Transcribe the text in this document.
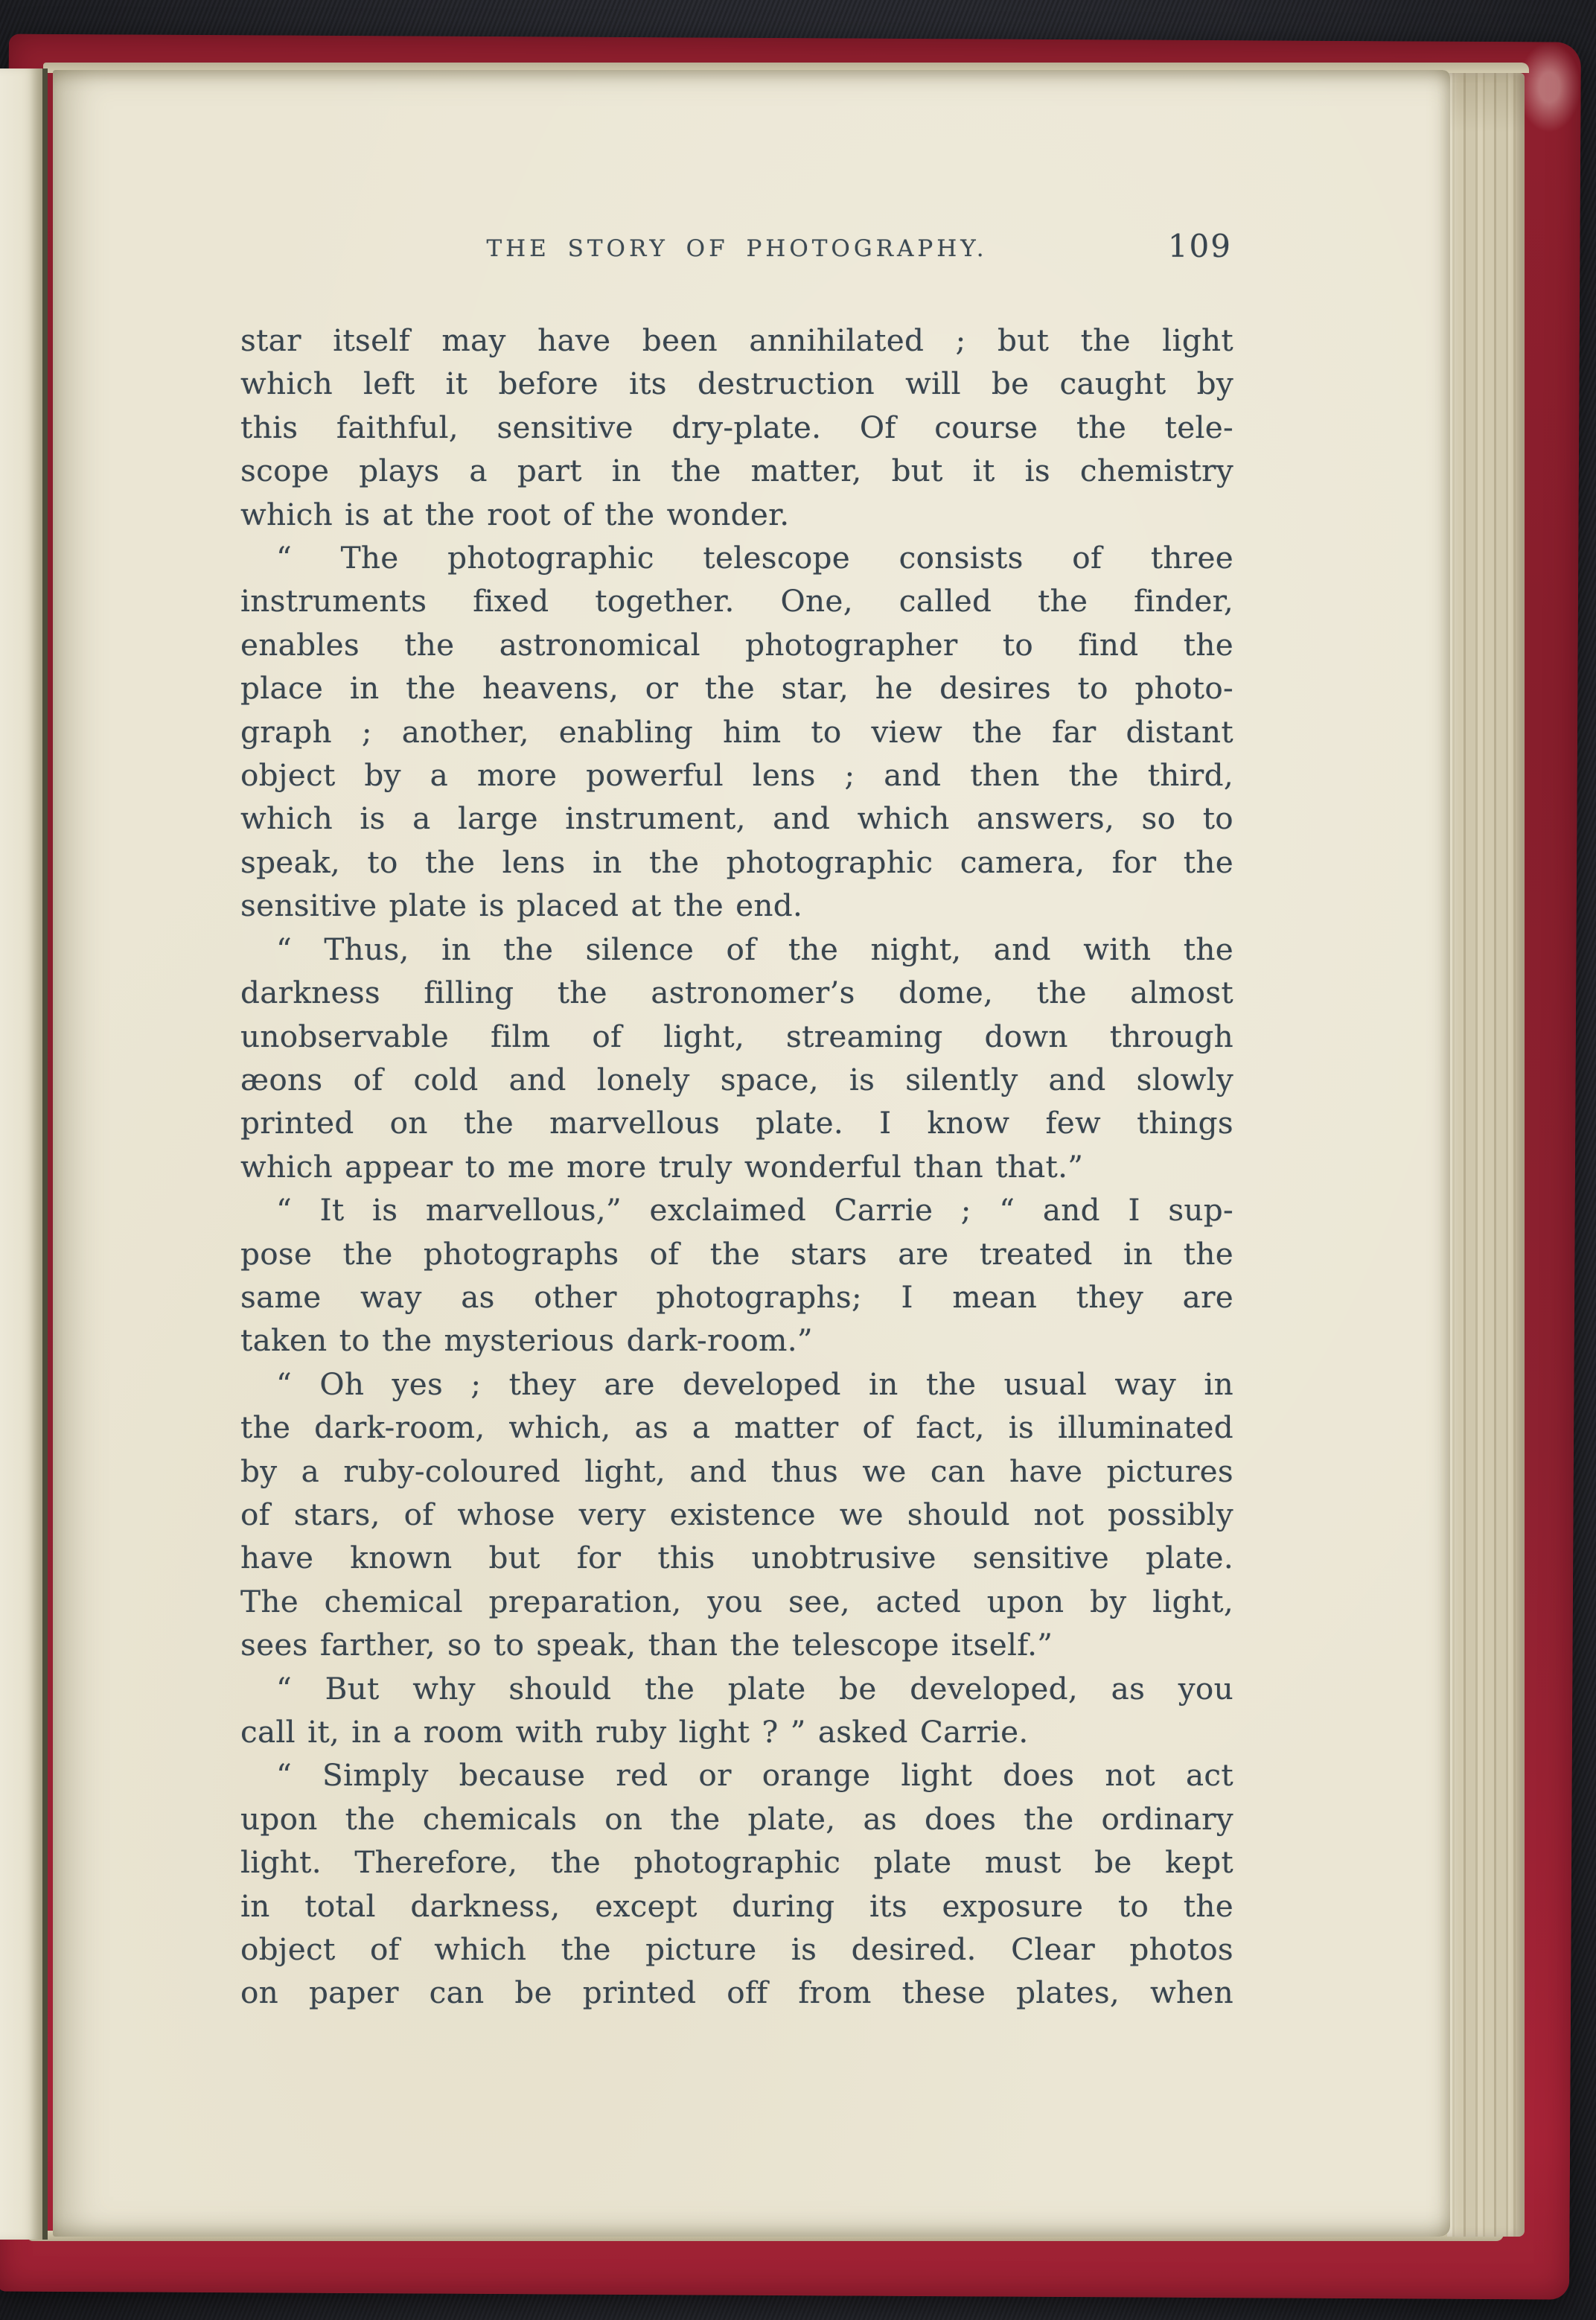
THE STORY OF PHOTOGRAPHY.	109
star itself may have been annihilated ; but the light
which left it before its destruction will be caught by
this faithful, sensitive dry-plate. Of course the tele-
scope plays a part in the matter, but it is chemistry
which is at the root of the wonder.
“ The photographic telescope consists of three
instruments fixed together. One, called the finder,
enables the astronomical photographer to find the
place in the heavens, or the star, he desires to photo-
graph ; another, enabling him to view the far distant
object by a more powerful lens ; and then the third,
which is a large instrument, and which answers, so to
speak, to the lens in the photographic camera, for the
sensitive plate is placed at the end.
“ Thus, in the silence of the night, and with the
darkness filling the astronomer’s dome, the almost
unobservable film of light, streaming down through
æons of cold and lonely space, is silently and slowly
printed on the marvellous plate. I know few things
which appear to me more truly wonderful than that.”
“ It is marvellous,” exclaimed Carrie ; “ and I sup-
pose the photographs of the stars are treated in the
same way as other photographs; I mean they are
taken to the mysterious dark-room.”
“ Oh yes ; they are developed in the usual way in
the dark-room, which, as a matter of fact, is illuminated
by a ruby-coloured light, and thus we can have pictures
of stars, of whose very existence we should not possibly
have known but for this unobtrusive sensitive plate.
The chemical preparation, you see, acted upon by light,
sees farther, so to speak, than the telescope itself.”
“ But why should the plate be developed, as you
call it, in a room with ruby light ? ” asked Carrie.
“ Simply because red or orange light does not act
upon the chemicals on the plate, as does the ordinary
light. Therefore, the photographic plate must be kept
in total darkness, except during its exposure to the
object of which the picture is desired. Clear photos
on paper can be printed off from these plates, when
